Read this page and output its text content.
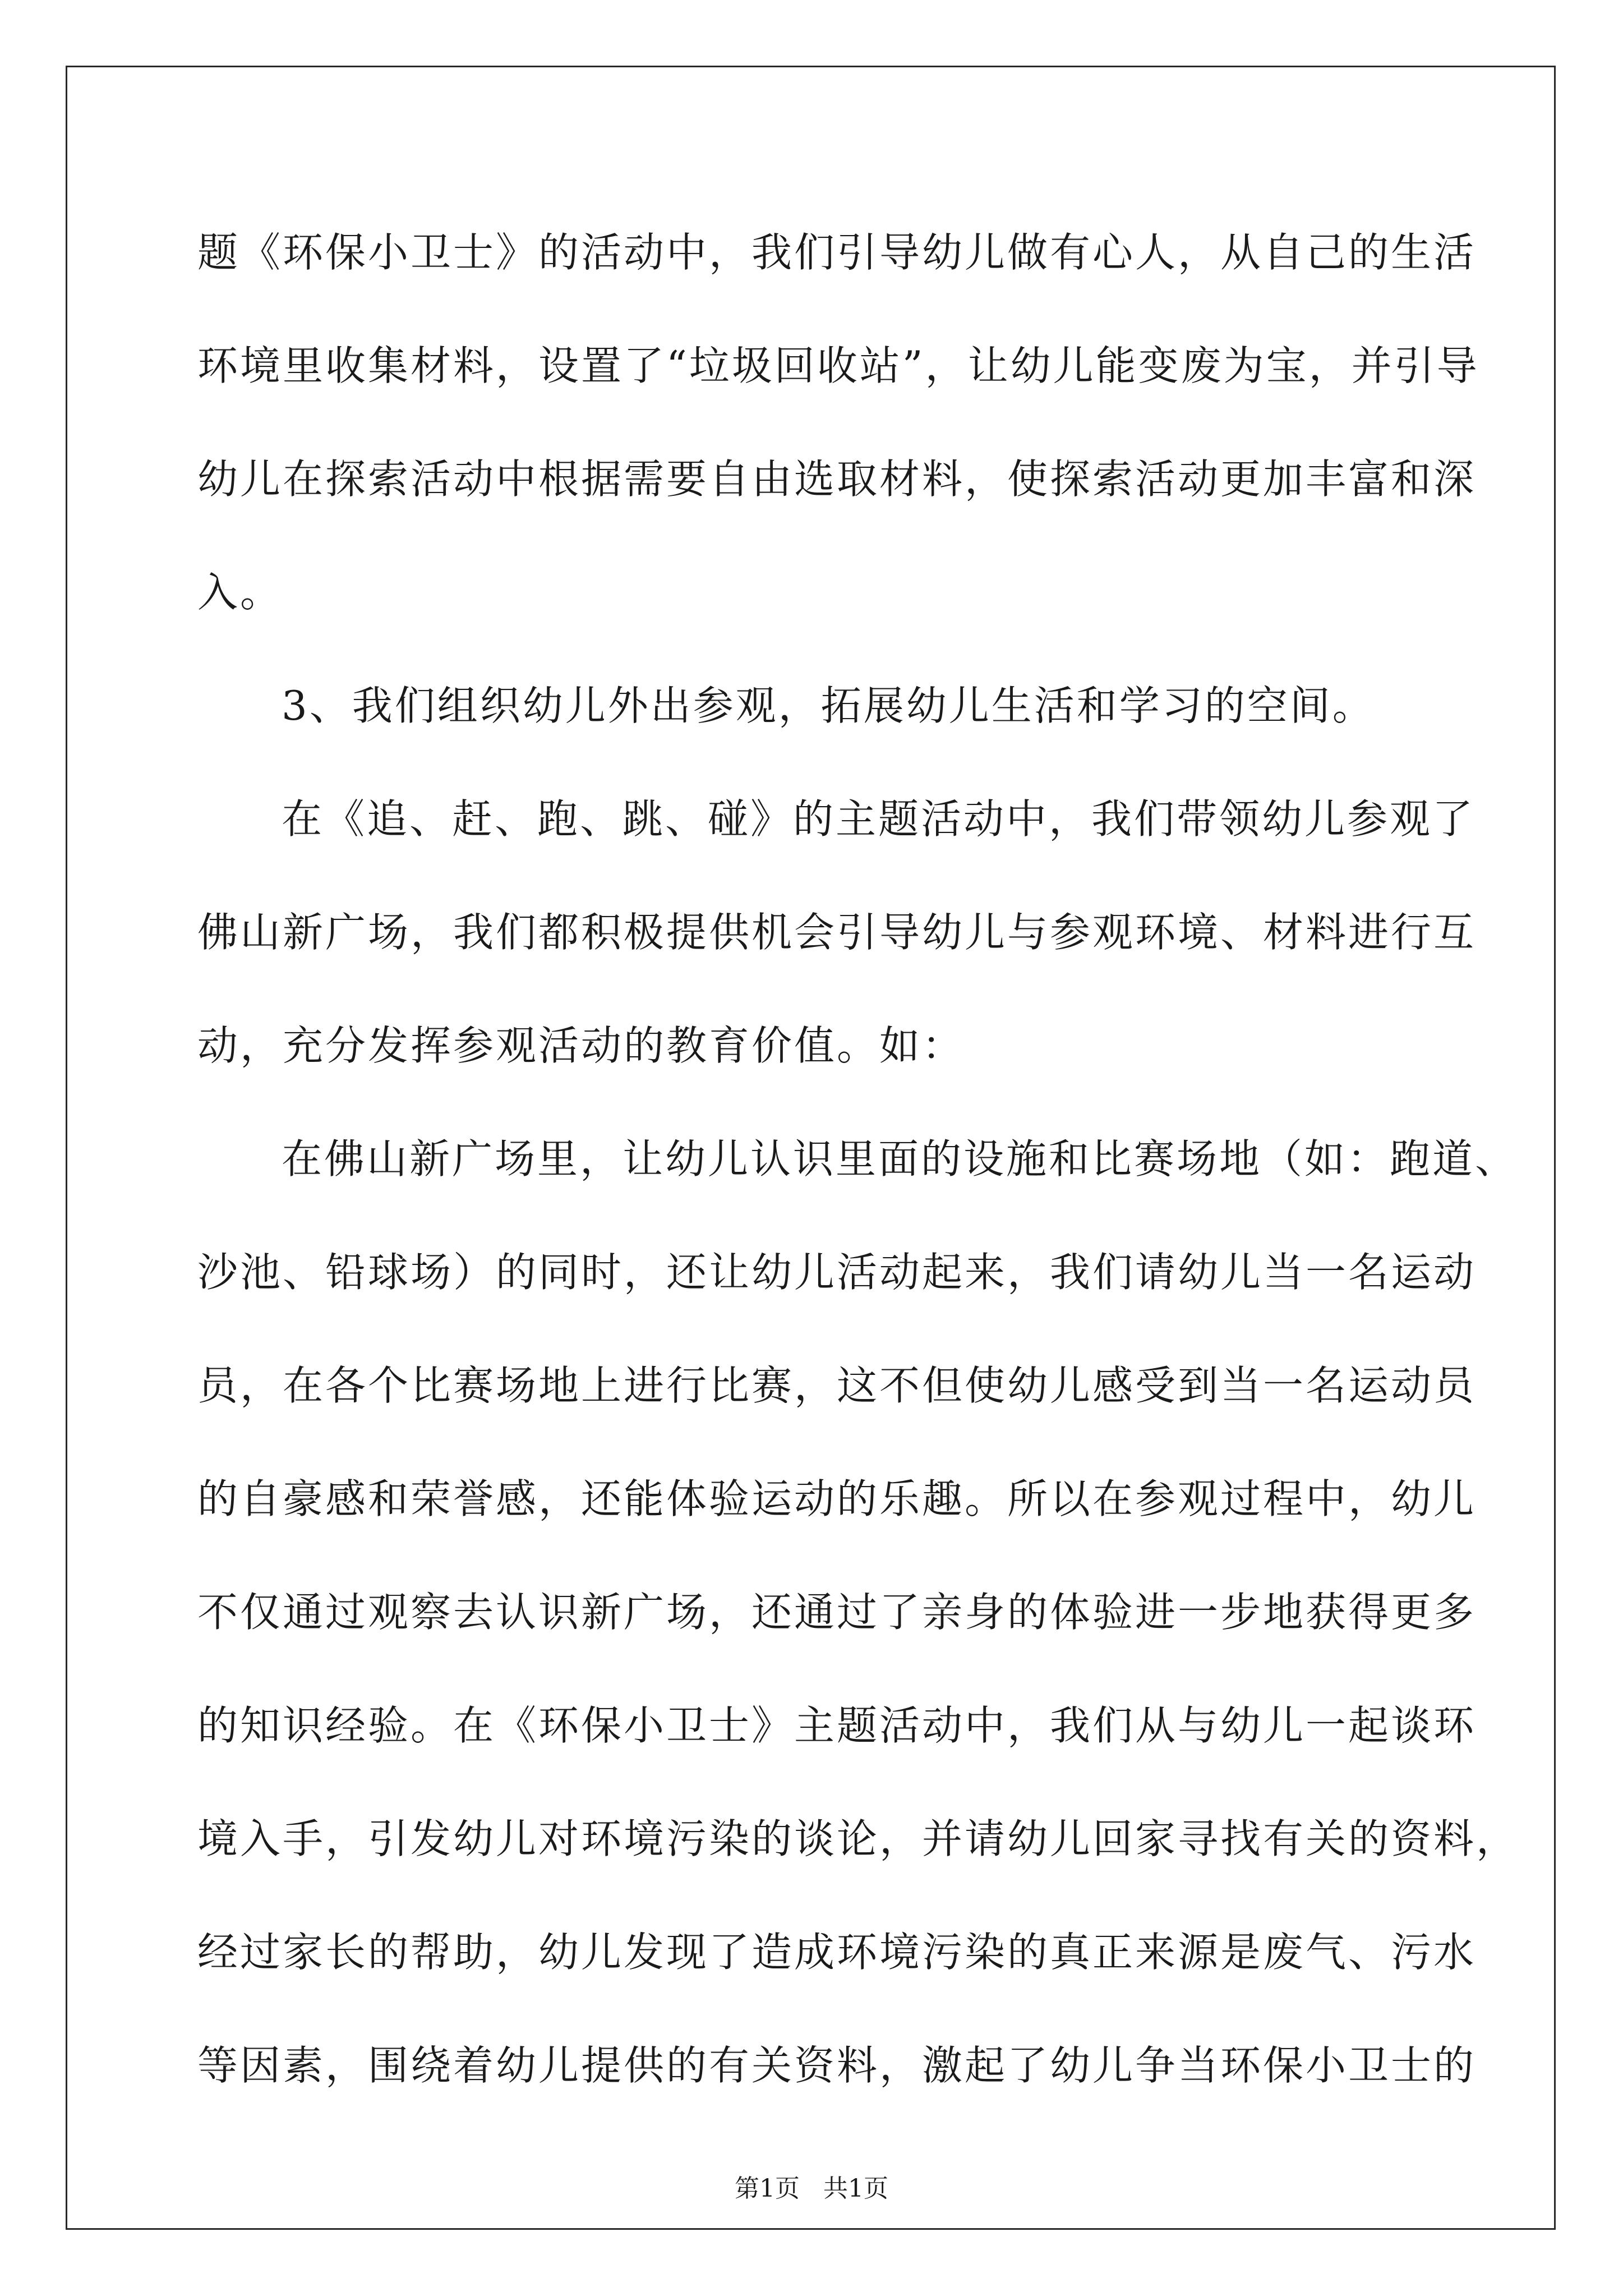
题《环保小卫士》的活动中，我们引导幼儿做有心人，从自己的生活
环境里收集材料，设置了“垃圾回收站”，让幼儿能变废为宝，并引导
幼儿在探索活动中根据需要自由选取材料，使探索活动更加丰富和深
入。
3、我们组织幼儿外出参观，拓展幼儿生活和学习的空间。
在《追、赶、跑、跳、碰》的主题活动中，我们带领幼儿参观了
佛山新广场，我们都积极提供机会引导幼儿与参观环境、材料进行互
动，充分发挥参观活动的教育价值。如：
在佛山新广场里，让幼儿认识里面的设施和比赛场地（如：跑道、
沙池、铅球场）的同时，还让幼儿活动起来，我们请幼儿当一名运动
员，在各个比赛场地上进行比赛，这不但使幼儿感受到当一名运动员
的自豪感和荣誉感，还能体验运动的乐趣。所以在参观过程中，幼儿
不仅通过观察去认识新广场，还通过了亲身的体验进一步地获得更多
的知识经验。在《环保小卫士》主题活动中，我们从与幼儿一起谈环
境入手，引发幼儿对环境污染的谈论，并请幼儿回家寻找有关的资料，
经过家长的帮助，幼儿发现了造成环境污染的真正来源是废气、污水
等因素，围绕着幼儿提供的有关资料，激起了幼儿争当环保小卫士的
第1页 共1页
